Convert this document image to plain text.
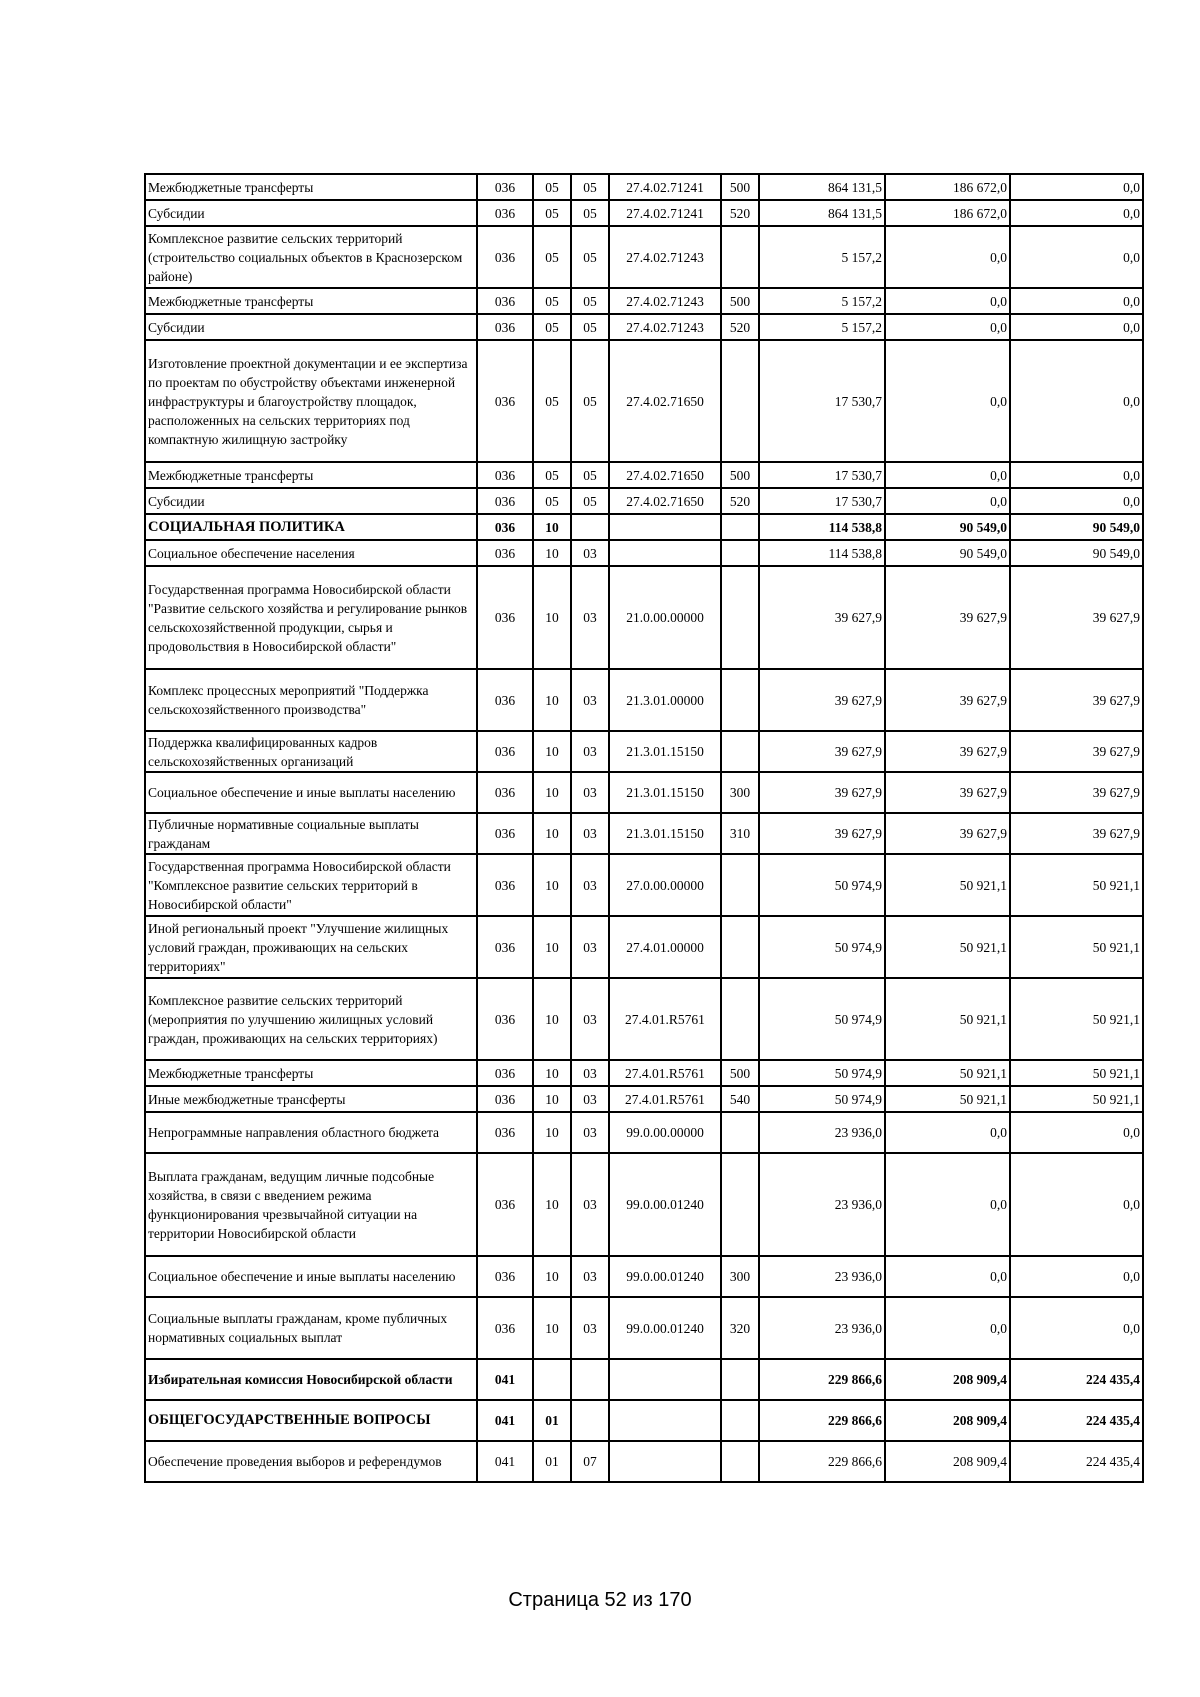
Межбюджетные трансферты	036	05	05	27.4.02.71241	500	864 131,5	186 672,0	0,0
Субсидии	036	05	05	27.4.02.71241	520	864 131,5	186 672,0	0,0
Комплексное развитие сельских территорий (строительство социальных объектов в Краснозерском районе)	036	05	05	27.4.02.71243		5 157,2	0,0	0,0
Межбюджетные трансферты	036	05	05	27.4.02.71243	500	5 157,2	0,0	0,0
Субсидии	036	05	05	27.4.02.71243	520	5 157,2	0,0	0,0
Изготовление проектной документации и ее экспертиза по проектам по обустройству объектами инженерной инфраструктуры и благоустройству площадок, расположенных на сельских территориях под компактную жилищную застройку	036	05	05	27.4.02.71650		17 530,7	0,0	0,0
Межбюджетные трансферты	036	05	05	27.4.02.71650	500	17 530,7	0,0	0,0
Субсидии	036	05	05	27.4.02.71650	520	17 530,7	0,0	0,0
СОЦИАЛЬНАЯ ПОЛИТИКА	036	10				114 538,8	90 549,0	90 549,0
Социальное обеспечение населения	036	10	03			114 538,8	90 549,0	90 549,0
Государственная программа Новосибирской области "Развитие сельского хозяйства и регулирование рынков сельскохозяйственной продукции, сырья и продовольствия в Новосибирской области"	036	10	03	21.0.00.00000		39 627,9	39 627,9	39 627,9
Комплекс процессных мероприятий "Поддержка сельскохозяйственного производства"	036	10	03	21.3.01.00000		39 627,9	39 627,9	39 627,9
Поддержка квалифицированных кадров сельскохозяйственных организаций	036	10	03	21.3.01.15150		39 627,9	39 627,9	39 627,9
Социальное обеспечение и иные выплаты населению	036	10	03	21.3.01.15150	300	39 627,9	39 627,9	39 627,9
Публичные нормативные социальные выплаты гражданам	036	10	03	21.3.01.15150	310	39 627,9	39 627,9	39 627,9
Государственная программа Новосибирской области "Комплексное развитие сельских территорий в Новосибирской области"	036	10	03	27.0.00.00000		50 974,9	50 921,1	50 921,1
Иной региональный проект "Улучшение жилищных условий граждан, проживающих на сельских территориях"	036	10	03	27.4.01.00000		50 974,9	50 921,1	50 921,1
Комплексное развитие сельских территорий (мероприятия по улучшению жилищных условий граждан, проживающих на сельских территориях)	036	10	03	27.4.01.R5761		50 974,9	50 921,1	50 921,1
Межбюджетные трансферты	036	10	03	27.4.01.R5761	500	50 974,9	50 921,1	50 921,1
Иные межбюджетные трансферты	036	10	03	27.4.01.R5761	540	50 974,9	50 921,1	50 921,1
Непрограммные направления областного бюджета	036	10	03	99.0.00.00000		23 936,0	0,0	0,0
Выплата гражданам, ведущим личные подсобные хозяйства, в связи с введением режима функционирования чрезвычайной ситуации на территории Новосибирской области	036	10	03	99.0.00.01240		23 936,0	0,0	0,0
Социальное обеспечение и иные выплаты населению	036	10	03	99.0.00.01240	300	23 936,0	0,0	0,0
Социальные выплаты гражданам, кроме публичных нормативных социальных выплат	036	10	03	99.0.00.01240	320	23 936,0	0,0	0,0
Избирательная комиссия Новосибирской области	041					229 866,6	208 909,4	224 435,4
ОБЩЕГОСУДАРСТВЕННЫЕ ВОПРОСЫ	041	01				229 866,6	208 909,4	224 435,4
Обеспечение проведения выборов и референдумов	041	01	07			229 866,6	208 909,4	224 435,4
Страница 52 из 170
